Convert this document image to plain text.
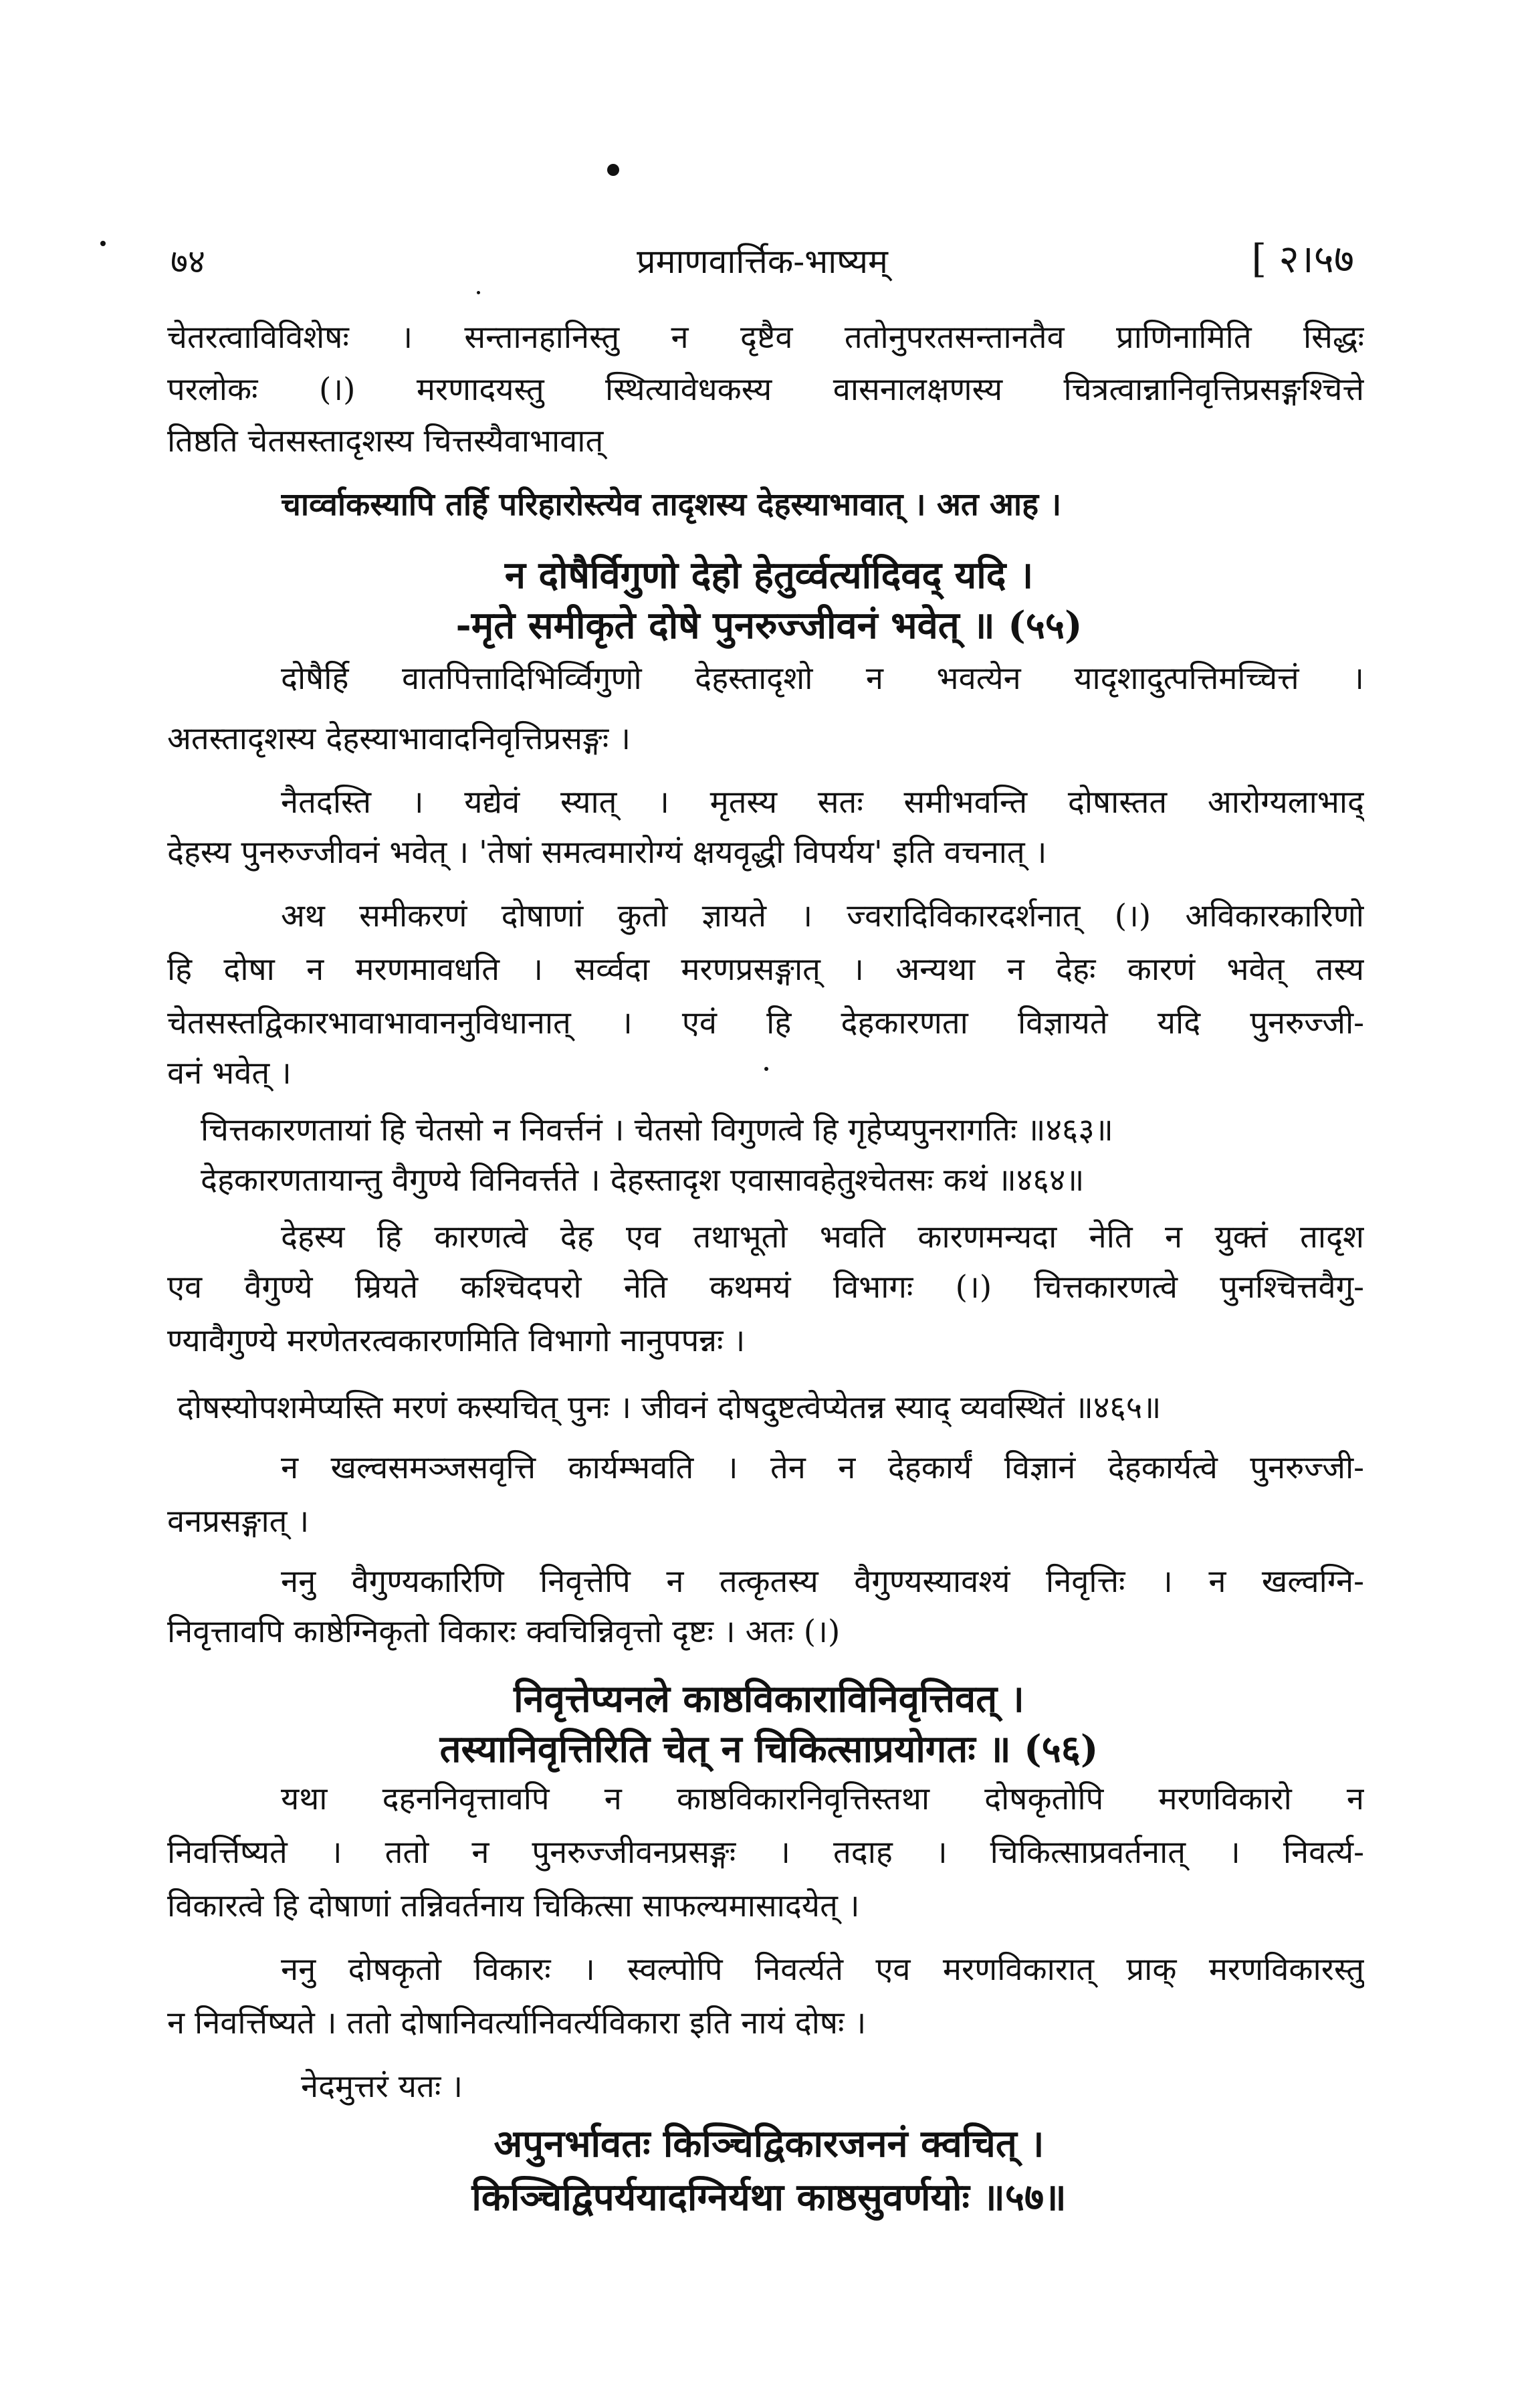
७४	प्रमाणवार्त्तिक-भाष्यम्	[ २।५७
चेतरत्वाविविशेषः । सन्तानहानिस्तु न दृष्टैव ततोनुपरतसन्तानतैव प्राणिनामिति सिद्धः
परलोकः (।) मरणादयस्तु स्थित्यावेधकस्य वासनालक्षणस्य चित्रत्वान्नानिवृत्तिप्रसङ्गश्चित्ते
तिष्ठति चेतसस्तादृशस्य चित्तस्यैवाभावात्
चार्व्वाकस्यापि तर्हि परिहारोस्त्येव तादृशस्य देहस्याभावात् । अत आह ।
न दोषैर्विगुणो देहो हेतुर्व्वर्त्यादिवद् यदि ।
-मृते समीकृते दोषे पुनरुज्जीवनं भवेत् ॥ (५५)
दोषैर्हि वातपित्तादिभिर्व्विगुणो देहस्तादृशो न भवत्येन यादृशादुत्पत्तिमच्चित्तं ।
अतस्तादृशस्य देहस्याभावादनिवृत्तिप्रसङ्गः ।
नैतदस्ति । यद्येवं स्यात् । मृतस्य सतः समीभवन्ति दोषास्तत आरोग्यलाभाद्
देहस्य पुनरुज्जीवनं भवेत् । 'तेषां समत्वमारोग्यं क्षयवृद्धी विपर्यय' इति वचनात् ।
अथ समीकरणं दोषाणां कुतो ज्ञायते । ज्वरादिविकारदर्शनात् (।) अविकारकारिणो
हि दोषा न मरणमावधति । सर्व्वदा मरणप्रसङ्गात् । अन्यथा न देहः कारणं भवेत् तस्य
चेतसस्तद्विकारभावाभावाननुविधानात् । एवं हि देहकारणता विज्ञायते यदि पुनरुज्जी-
वनं भवेत् ।
चित्तकारणतायां हि चेतसो न निवर्त्तनं । चेतसो विगुणत्वे हि गृहेप्यपुनरागतिः ॥४६३॥
देहकारणतायान्तु वैगुण्ये विनिवर्त्तते । देहस्तादृश एवासावहेतुश्चेतसः कथं ॥४६४॥
देहस्य हि कारणत्वे देह एव तथाभूतो भवति कारणमन्यदा नेति न युक्तं तादृश
एव वैगुण्ये म्रियते कश्चिदपरो नेति कथमयं विभागः (।) चित्तकारणत्वे पुनश्चित्तवैगु-
ण्यावैगुण्ये मरणेतरत्वकारणमिति विभागो नानुपपन्नः ।
दोषस्योपशमेप्यस्ति मरणं कस्यचित् पुनः । जीवनं दोषदुष्टत्वेप्येतन्न स्याद् व्यवस्थितं ॥४६५॥
न खल्वसमञ्जसवृत्ति कार्यम्भवति । तेन न देहकार्यं विज्ञानं देहकार्यत्वे पुनरुज्जी-
वनप्रसङ्गात् ।
ननु वैगुण्यकारिणि निवृत्तेपि न तत्कृतस्य वैगुण्यस्यावश्यं निवृत्तिः । न खल्वग्नि-
निवृत्तावपि काष्ठेग्निकृतो विकारः क्वचिन्निवृत्तो दृष्टः । अतः (।)
निवृत्तेप्यनले काष्ठविकाराविनिवृत्तिवत् ।
तस्यानिवृत्तिरिति चेत् न चिकित्साप्रयोगतः ॥ (५६)
यथा दहननिवृत्तावपि न काष्ठविकारनिवृत्तिस्तथा दोषकृतोपि मरणविकारो न
निवर्त्तिष्यते । ततो न पुनरुज्जीवनप्रसङ्गः । तदाह । चिकित्साप्रवर्तनात् । निवर्त्य-
विकारत्वे हि दोषाणां तन्निवर्तनाय चिकित्सा साफल्यमासादयेत् ।
ननु दोषकृतो विकारः । स्वल्पोपि निवर्त्यते एव मरणविकारात् प्राक् मरणविकारस्तु
न निवर्त्तिष्यते । ततो दोषानिवर्त्यानिवर्त्यविकारा इति नायं दोषः ।
नेदमुत्तरं यतः ।
अपुनर्भावतः किञ्चिद्विकारजननं क्वचित् ।
किञ्चिद्विपर्ययादग्निर्यथा काष्ठसुवर्णयोः ॥५७॥
